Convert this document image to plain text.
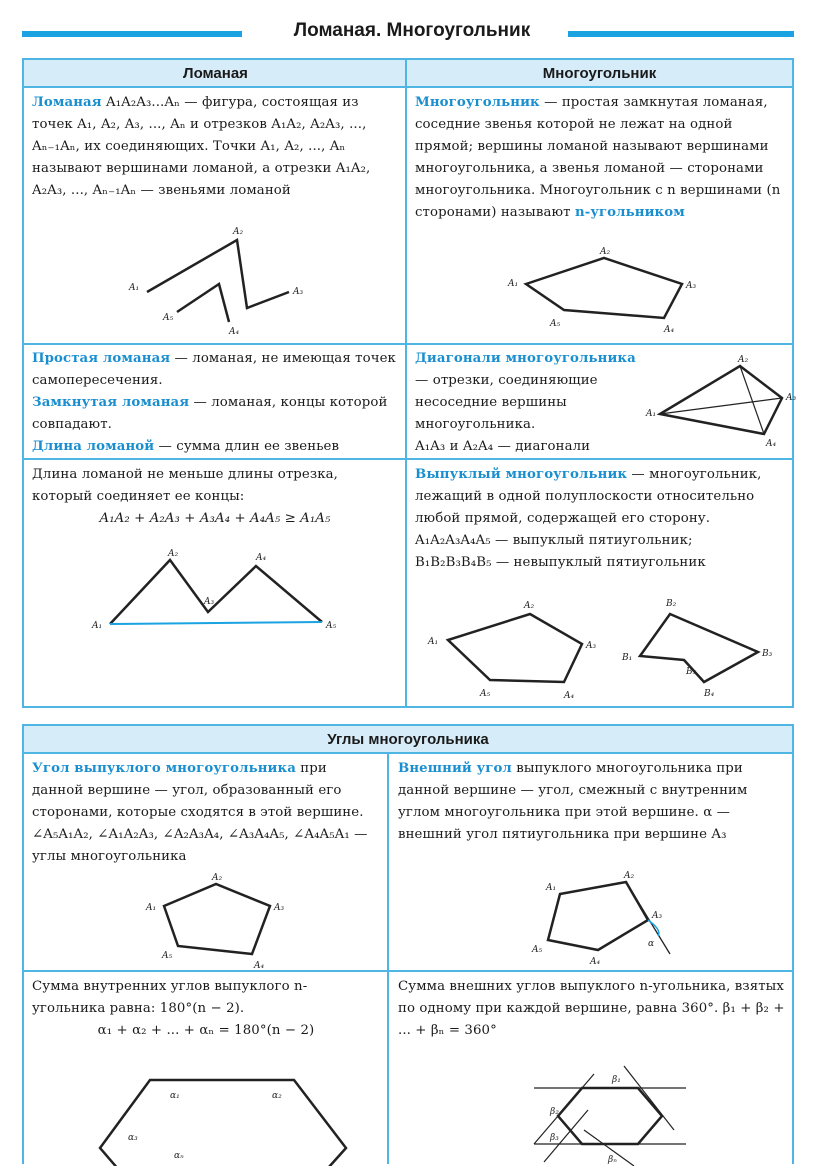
Ломаная. Многоугольник
Ломаная	Многоугольник

Ломаная A₁A₂A₃...Aₙ — фигура, состоящая из точек A₁, A₂, A₃, ..., Aₙ и отрезков A₁A₂, A₂A₃, ..., Aₙ₋₁Aₙ, их соединяющих. Точки A₁, A₂, ..., Aₙ называют вершинами ломаной, а отрезки A₁A₂, A₂A₃, ..., Aₙ₋₁Aₙ — звеньями ломаной

A₁
A₂
A₃
A₄
A₅

Многоугольник — простая замкнутая ломаная, соседние звенья которой не лежат на одной прямой; вершины ломаной называют вершинами многоугольника, а звенья ломаной — сторонами многоугольника. Многоугольник с n вершинами (n сторонами) называют n-угольником

A₁
A₂
A₃
A₄
A₅

Простая ломаная — ломаная, не имеющая точек самопересечения.

Замкнутая ломаная — ломаная, концы которой совпадают.

Длина ломаной — сумма длин ее звеньев

Диагонали многоугольника — отрезки, соединяющие несоседние вершины многоугольника.

A₁A₃ и A₂A₄ — диагонали

A₁
A₂
A₃
A₄

Длина ломаной не меньше длины отрезка, который соединяет ее концы:

A₁A₂ + A₂A₃ + A₃A₄ + A₄A₅ ≥ A₁A₅

A₁
A₂
A₃
A₄
A₅

Выпуклый многоугольник — многоугольник, лежащий в одной полуплоскости относительно любой прямой, содержащей его сторону.

A₁A₂A₃A₄A₅ — выпуклый пятиугольник;

B₁B₂B₃B₄B₅ — невыпуклый пятиугольник

A₁
A₂
A₃
A₄
A₅
B₁
B₂
B₃
B₄
B₅
Углы многоугольника

Угол выпуклого многоугольника при данной вершине — угол, образованный его сторонами, которые сходятся в этой вершине. ∠A₅A₁A₂, ∠A₁A₂A₃, ∠A₂A₃A₄, ∠A₃A₄A₅, ∠A₄A₅A₁ — углы многоугольника

A₁
A₂
A₃
A₄
A₅

Внешний угол выпуклого многоугольника при данной вершине — угол, смежный с внутренним углом многоугольника при этой вершине. α — внешний угол пятиугольника при вершине A₃

α
A₁
A₂
A₃
A₄
A₅

Сумма внутренних углов выпуклого n-угольника равна: 180°(n − 2).

α₁ + α₂ + ... + αₙ = 180°(n − 2)

α₁	α₂
α₃
αₙ

Сумма внешних углов выпуклого n-угольника, взятых по одному при каждой вершине, равна 360°. β₁ + β₂ + ... + βₙ = 360°

β₁
β₂
β₃
βₙ
